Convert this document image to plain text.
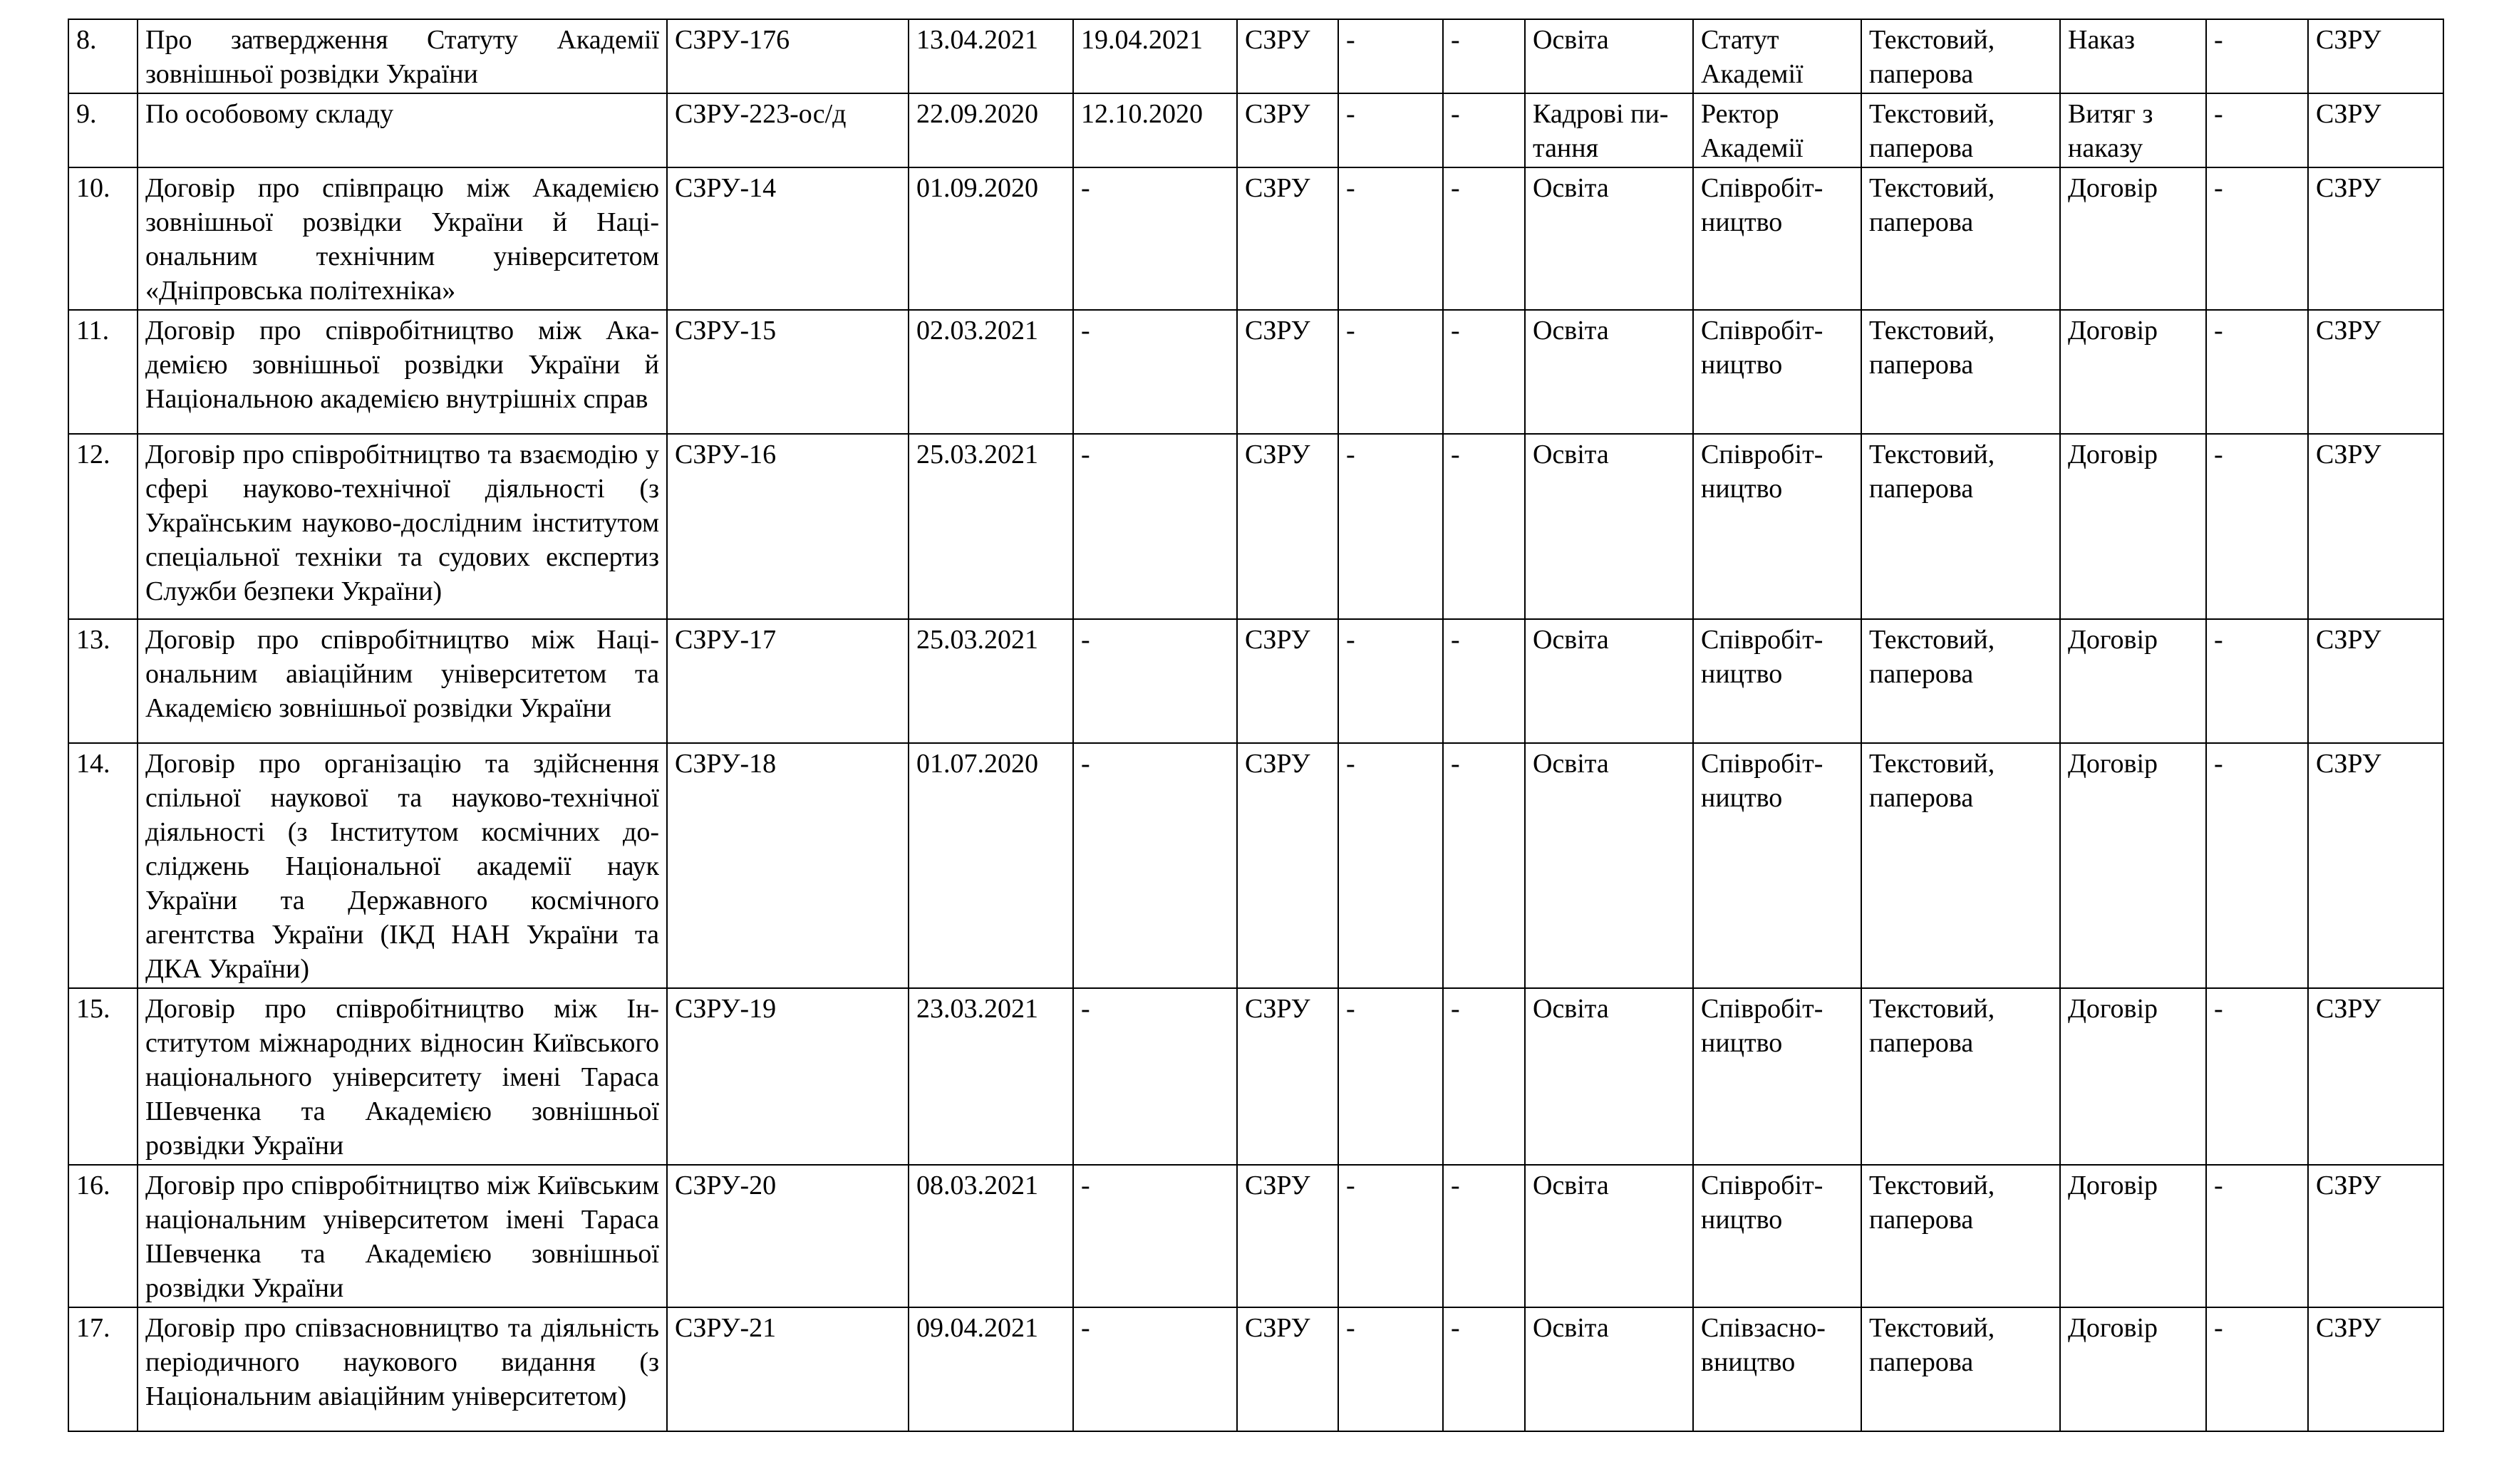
8.	Про затвердження Статуту Академії зовнішньої розвідки України	СЗРУ-176	13.04.2021	19.04.2021	СЗРУ	-	-	Освіта	Статут Академії	Текстовий, паперова	Наказ	-	СЗРУ
9.	По особовому складу	СЗРУ-223-ос/д	22.09.2020	12.10.2020	СЗРУ	-	-	Кадрові питання	Ректор Академії	Текстовий, паперова	Витяг з наказу	-	СЗРУ
10.	Договір про співпрацю між Академією зовнішньої розвідки України й Національним технічним університетом «Дніпровська політехніка»	СЗРУ-14	01.09.2020	-	СЗРУ	-	-	Освіта	Співробітництво	Текстовий, паперова	Договір	-	СЗРУ
11.	Договір про співробітництво між Академією зовнішньої розвідки України й Національною академією внутрішніх справ	СЗРУ-15	02.03.2021	-	СЗРУ	-	-	Освіта	Співробітництво	Текстовий, паперова	Договір	-	СЗРУ
12.	Договір про співробітництво та взаємодію у сфері науково-технічної діяльності (з Українським науково-дослідним інститутом спеціальної техніки та судових експертиз Служби безпеки України)	СЗРУ-16	25.03.2021	-	СЗРУ	-	-	Освіта	Співробітництво	Текстовий, паперова	Договір	-	СЗРУ
13.	Договір про співробітництво між Національним авіаційним університетом та Академією зовнішньої розвідки України	СЗРУ-17	25.03.2021	-	СЗРУ	-	-	Освіта	Співробітництво	Текстовий, паперова	Договір	-	СЗРУ
14.	Договір про організацію та здійснення спільної наукової та науково-технічної діяльності (з Інститутом космічних досліджень Національної академії наук України та Державного космічного агентства України (ІКД НАН України та ДКА України)	СЗРУ-18	01.07.2020	-	СЗРУ	-	-	Освіта	Співробітництво	Текстовий, паперова	Договір	-	СЗРУ
15.	Договір про співробітництво між Інститутом міжнародних відносин Київського національного університету імені Тараса Шевченка та Академією зовнішньої розвідки України	СЗРУ-19	23.03.2021	-	СЗРУ	-	-	Освіта	Співробітництво	Текстовий, паперова	Договір	-	СЗРУ
16.	Договір про співробітництво між Київським національним університетом імені Тараса Шевченка та Академією зовнішньої розвідки України	СЗРУ-20	08.03.2021	-	СЗРУ	-	-	Освіта	Співробітництво	Текстовий, паперова	Договір	-	СЗРУ
17.	Договір про співзасновництво та діяльність періодичного наукового видання (з Національним авіаційним університетом)	СЗРУ-21	09.04.2021	-	СЗРУ	-	-	Освіта	Співзасновництво	Текстовий, паперова	Договір	-	СЗРУ
